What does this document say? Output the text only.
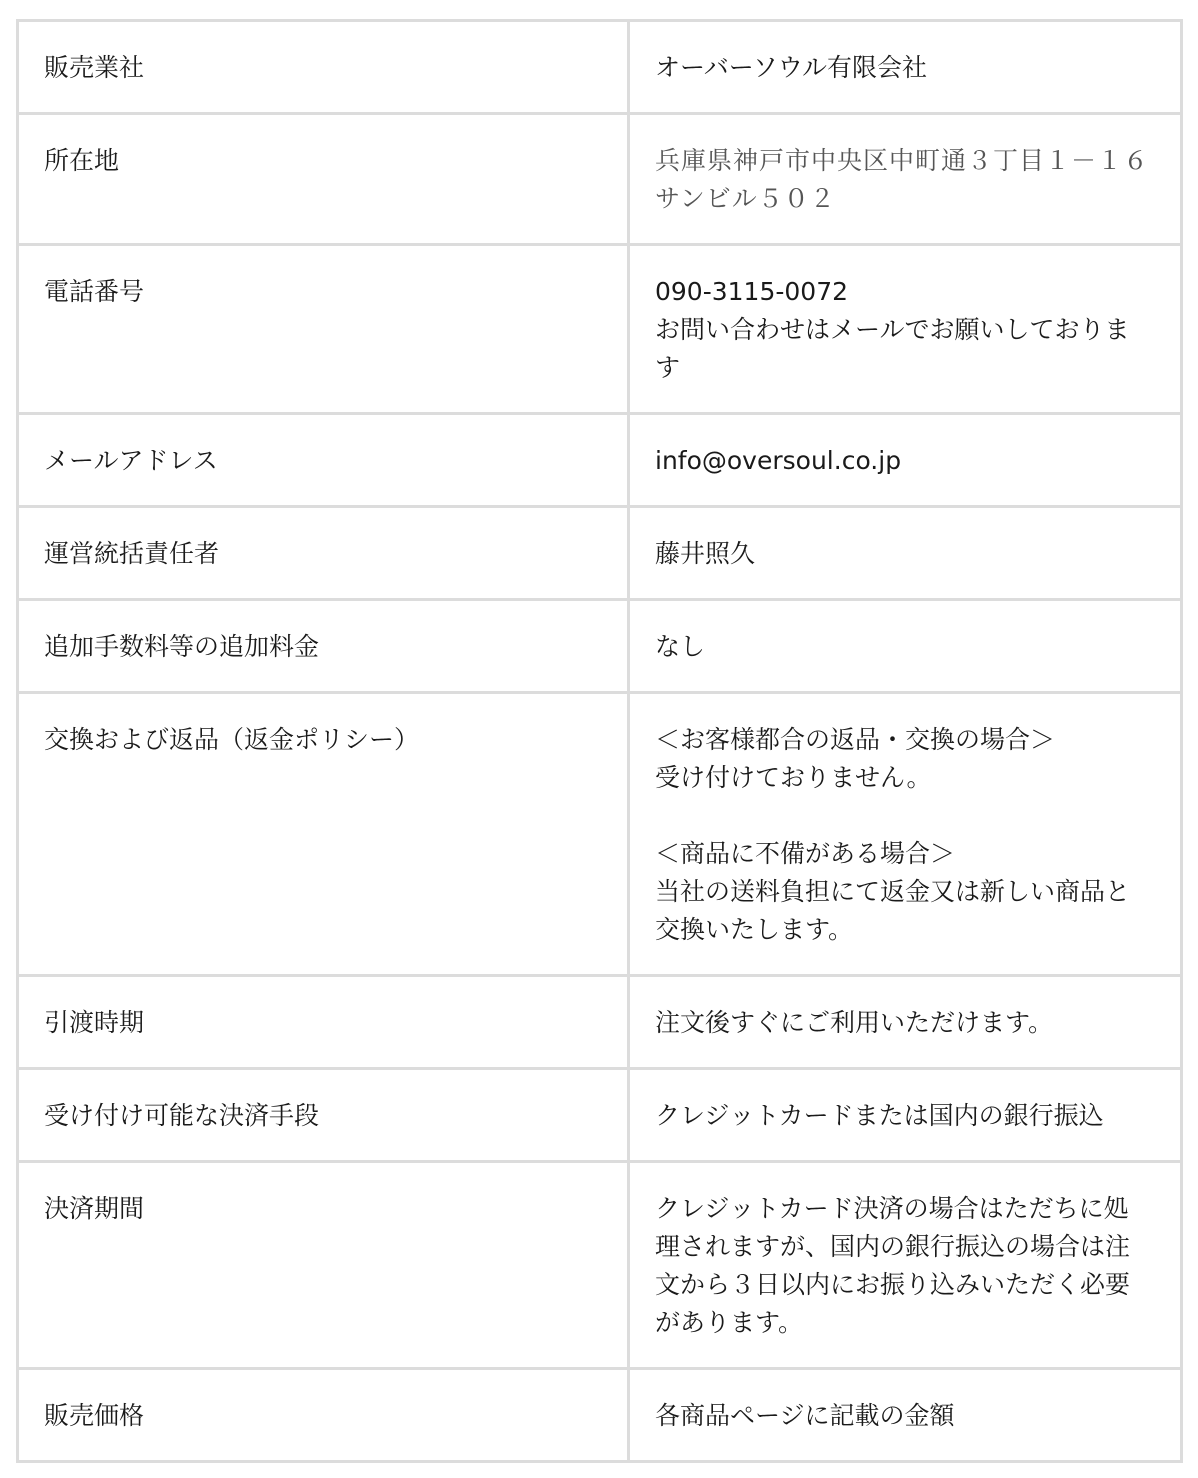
販売業社	オーバーソウル有限会社

所在地	兵庫県神戸市中央区中町通３丁目１－１６
サンビル５０２

電話番号	090-3115-0072
お問い合わせはメールでお願いしておりま
す

メールアドレス	info@oversoul.co.jp

運営統括責任者	藤井照久

追加手数料等の追加料金	なし

交換および返品（返金ポリシー）	＜お客様都合の返品・交換の場合＞
受け付けておりません。
＜商品に不備がある場合＞
当社の送料負担にて返金又は新しい商品と
交換いたします。

引渡時期	注文後すぐにご利用いただけます。

受け付け可能な決済手段	クレジットカードまたは国内の銀行振込

決済期間	クレジットカード決済の場合はただちに処
理されますが、国内の銀行振込の場合は注
文から３日以内にお振り込みいただく必要
があります。

販売価格	各商品ページに記載の金額
